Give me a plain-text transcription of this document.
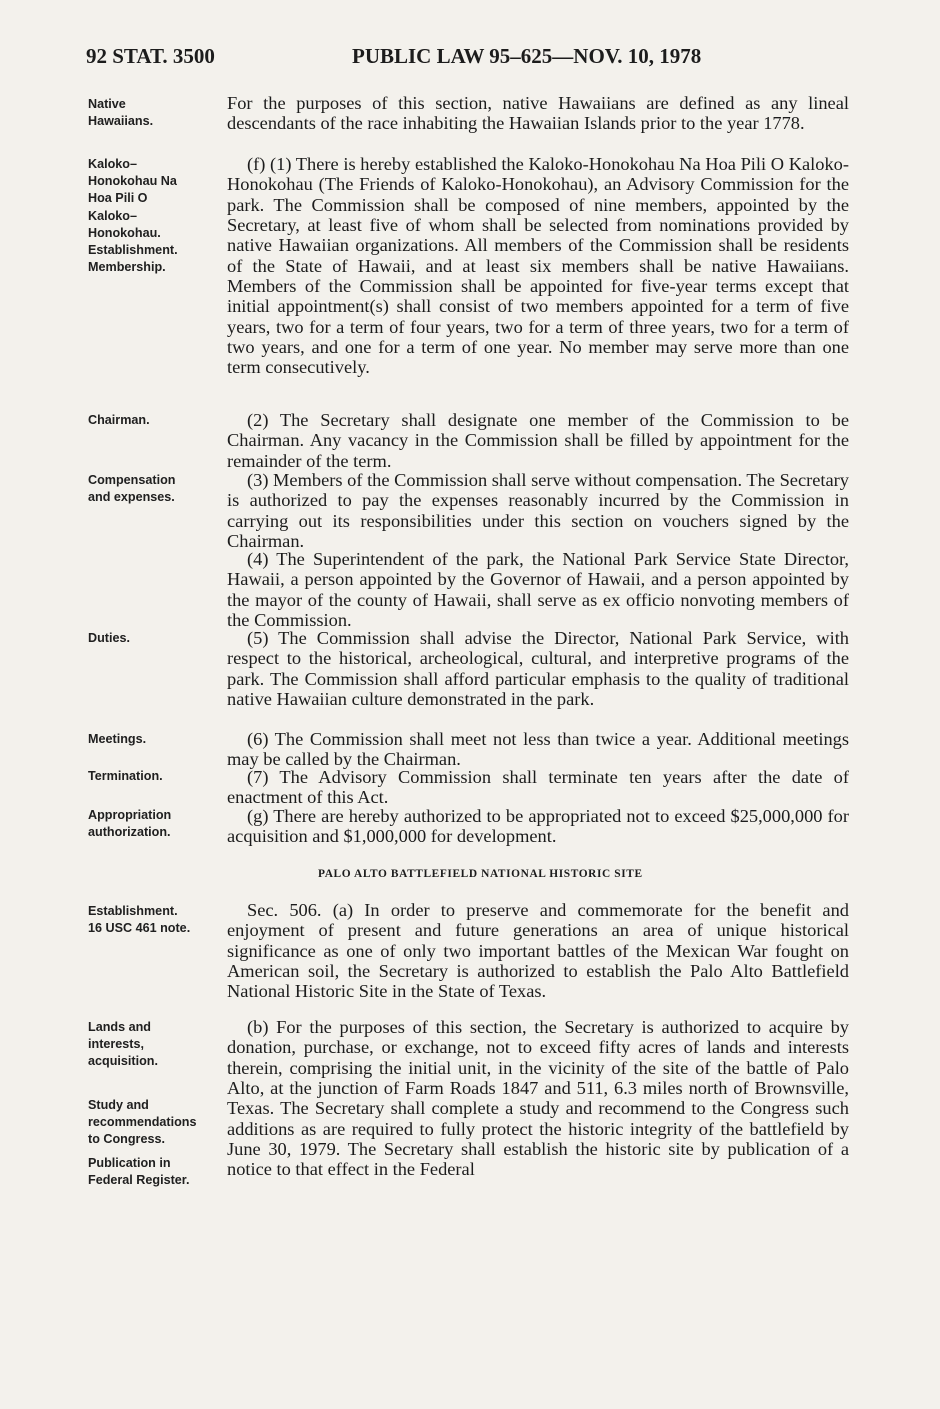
92 STAT. 3500	PUBLIC LAW 95–625—NOV. 10, 1978
Native
Hawaiians.
Kaloko–
Honokohau Na
Hoa Pili O
Kaloko–
Honokohau.
Establishment.
Membership.
Chairman.
Compensation
and expenses.
Duties.
Meetings.
Termination.
Appropriation
authorization.
Establishment.
16 USC 461 note.
Lands and
interests,
acquisition.
Study and
recommendations
to Congress.
Publication in
Federal Register.
For the purposes of this section, native Hawaiians are defined as any lineal descendants of the race inhabiting the Hawaiian Islands prior to the year 1778.
(f) (1) There is hereby established the Kaloko-Honokohau Na Hoa Pili O Kaloko-Honokohau (The Friends of Kaloko-Honokohau), an Advisory Commission for the park. The Commission shall be composed of nine members, appointed by the Secretary, at least five of whom shall be selected from nominations provided by native Hawaiian organizations. All members of the Commission shall be residents of the State of Hawaii, and at least six members shall be native Hawaiians. Members of the Commission shall be appointed for five-year terms except that initial appointment(s) shall consist of two members appointed for a term of five years, two for a term of four years, two for a term of three years, two for a term of two years, and one for a term of one year. No member may serve more than one term consecutively.
(2) The Secretary shall designate one member of the Commission to be Chairman. Any vacancy in the Commission shall be filled by appointment for the remainder of the term.
(3) Members of the Commission shall serve without compensation. The Secretary is authorized to pay the expenses reasonably incurred by the Commission in carrying out its responsibilities under this section on vouchers signed by the Chairman.
(4) The Superintendent of the park, the National Park Service State Director, Hawaii, a person appointed by the Governor of Hawaii, and a person appointed by the mayor of the county of Hawaii, shall serve as ex officio nonvoting members of the Commission.
(5) The Commission shall advise the Director, National Park Service, with respect to the historical, archeological, cultural, and interpretive programs of the park. The Commission shall afford particular emphasis to the quality of traditional native Hawaiian culture demonstrated in the park.
(6) The Commission shall meet not less than twice a year. Additional meetings may be called by the Chairman.
(7) The Advisory Commission shall terminate ten years after the date of enactment of this Act.
(g) There are hereby authorized to be appropriated not to exceed $25,000,000 for acquisition and $1,000,000 for development.
PALO ALTO BATTLEFIELD NATIONAL HISTORIC SITE
Sec. 506. (a) In order to preserve and commemorate for the benefit and enjoyment of present and future generations an area of unique historical significance as one of only two important battles of the Mexican War fought on American soil, the Secretary is authorized to establish the Palo Alto Battlefield National Historic Site in the State of Texas.
(b) For the purposes of this section, the Secretary is authorized to acquire by donation, purchase, or exchange, not to exceed fifty acres of lands and interests therein, comprising the initial unit, in the vicinity of the site of the battle of Palo Alto, at the junction of Farm Roads 1847 and 511, 6.3 miles north of Brownsville, Texas. The Secretary shall complete a study and recommend to the Congress such additions as are required to fully protect the historic integrity of the battlefield by June 30, 1979. The Secretary shall establish the historic site by publication of a notice to that effect in the Federal
